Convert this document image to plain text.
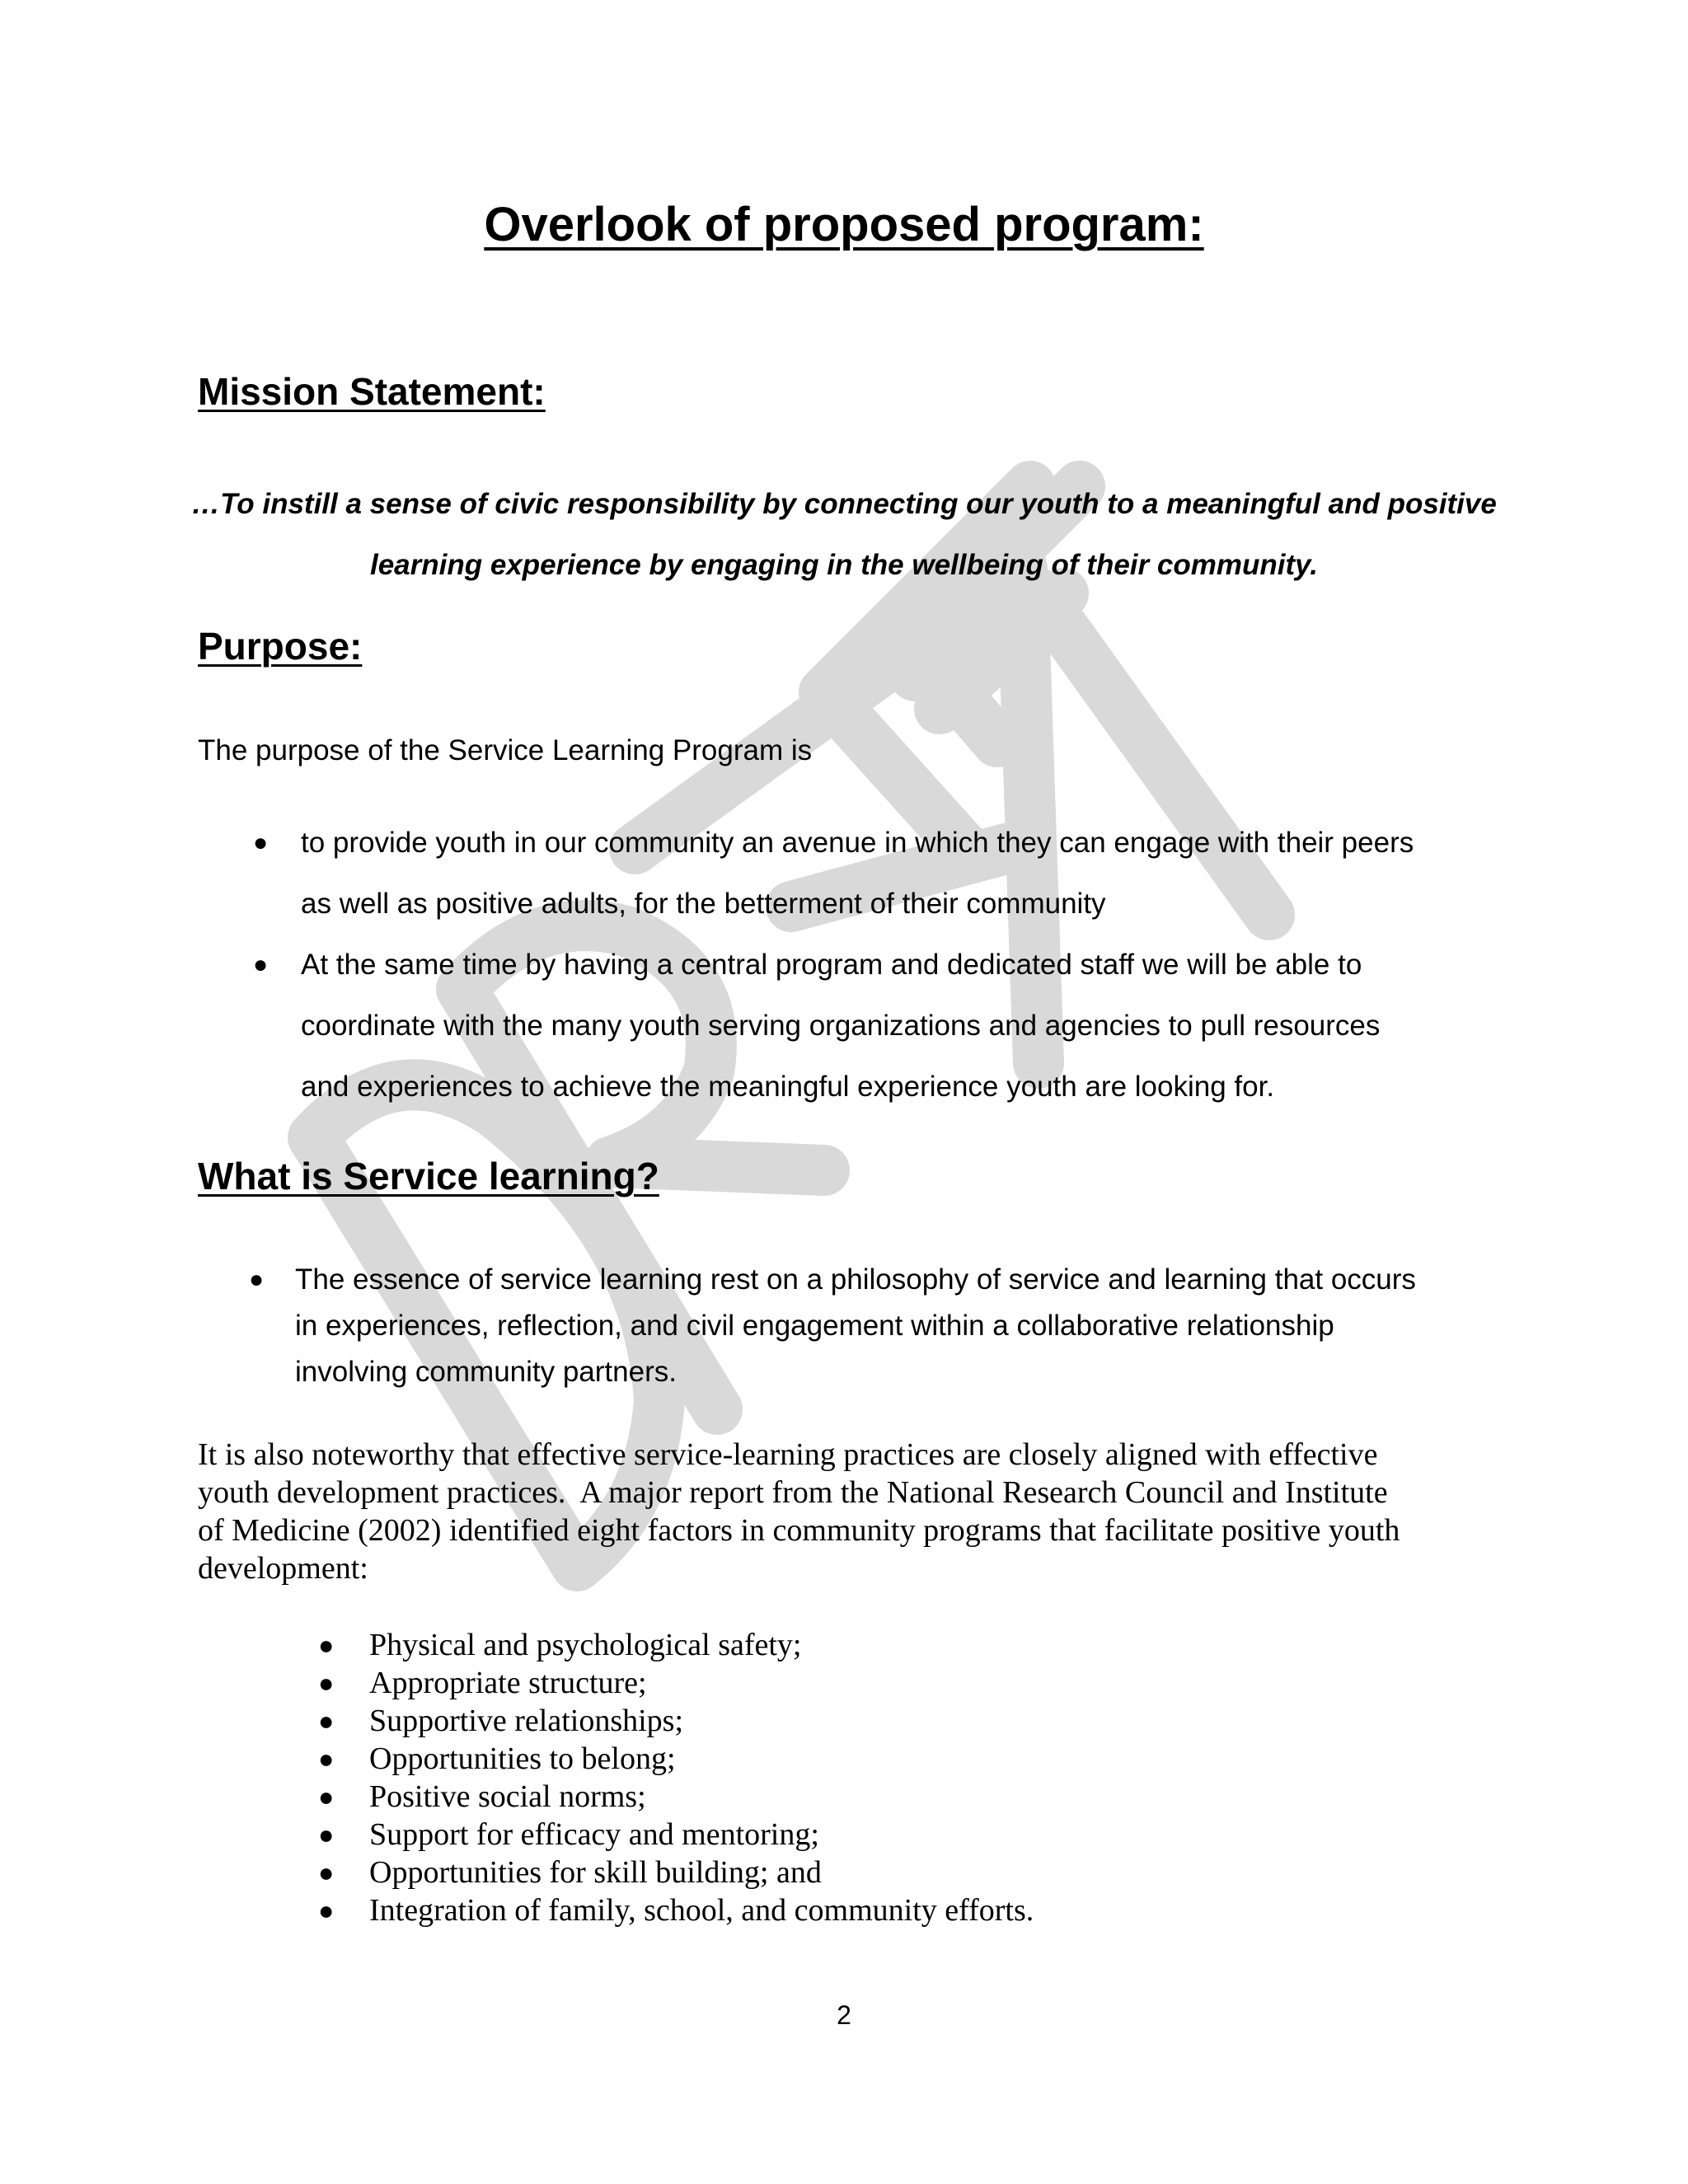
Overlook of proposed program:
Mission Statement:
…To instill a sense of civic responsibility by connecting our youth to a meaningful and positive
learning experience by engaging in the wellbeing of their community.
Purpose:

The purpose of the Service Learning Program is

● to provide youth in our community an avenue in which they can engage with their peers
as well as positive adults, for the betterment of their community
● At the same time by having a central program and dedicated staff we will be able to
coordinate with the many youth serving organizations and agencies to pull resources
and experiences to achieve the meaningful experience youth are looking for.
What is Service learning?
● The essence of service learning rest on a philosophy of service and learning that occurs
in experiences, reflection, and civil engagement within a collaborative relationship
involving community partners.
It is also noteworthy that effective service-learning practices are closely aligned with effective
youth development practices.  A major report from the National Research Council and Institute
of Medicine (2002) identified eight factors in community programs that facilitate positive youth
development:
● Physical and psychological safety;
● Appropriate structure;
● Supportive relationships;
● Opportunities to belong;
● Positive social norms;
● Support for efficacy and mentoring;
● Opportunities for skill building; and
● Integration of family, school, and community efforts.

2
